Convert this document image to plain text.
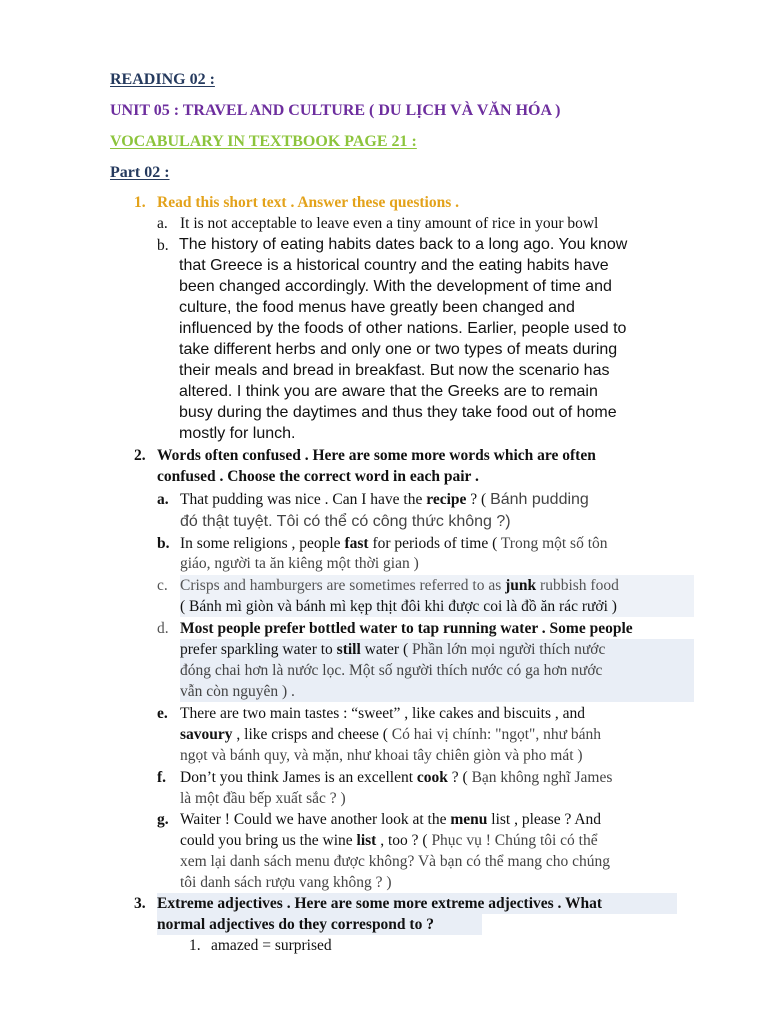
READING 02 :
UNIT 05 : TRAVEL AND CULTURE ( DU LỊCH VÀ VĂN HÓA )
VOCABULARY IN TEXTBOOK PAGE 21 :
Part 02 :
1. Read this short text . Answer these questions .
a. It is not acceptable to leave even a tiny amount of rice in your bowl
b. The history of eating habits dates back to a long ago. You know
that Greece is a historical country and the eating habits have
been changed accordingly. With the development of time and
culture, the food menus have greatly been changed and
influenced by the foods of other nations. Earlier, people used to
take different herbs and only one or two types of meats during
their meals and bread in breakfast. But now the scenario has
altered. I think you are aware that the Greeks are to remain
busy during the daytimes and thus they take food out of home
mostly for lunch.
2. Words often confused . Here are some more words which are often
confused . Choose the correct word in each pair .
a. That pudding was nice . Can I have the recipe ? ( Bánh pudding
đó thật tuyệt. Tôi có thể có công thức không ?)
b. In some religions , people fast for periods of time ( Trong một số tôn
giáo, người ta ăn kiêng một thời gian )
c. Crisps and hamburgers are sometimes referred to as junk rubbish food
( Bánh mì giòn và bánh mì kẹp thịt đôi khi được coi là đồ ăn rác rưởi )
d. Most people prefer bottled water to tap running water . Some people
prefer sparkling water to still water ( Phần lớn mọi người thích nước
đóng chai hơn là nước lọc. Một số người thích nước có ga hơn nước
vẫn còn nguyên ) .
e. There are two main tastes : “sweet” , like cakes and biscuits , and
savoury , like crisps and cheese ( Có hai vị chính: "ngọt", như bánh
ngọt và bánh quy, và mặn, như khoai tây chiên giòn và pho mát )
f. Don’t you think James is an excellent cook ? ( Bạn không nghĩ James
là một đầu bếp xuất sắc ? )
g. Waiter ! Could we have another look at the menu list , please ? And
could you bring us the wine list , too ? ( Phục vụ ! Chúng tôi có thể
xem lại danh sách menu được không? Và bạn có thể mang cho chúng
tôi danh sách rượu vang không ? )
3. Extreme adjectives . Here are some more extreme adjectives . What
normal adjectives do they correspond to ?
1. amazed = surprised
